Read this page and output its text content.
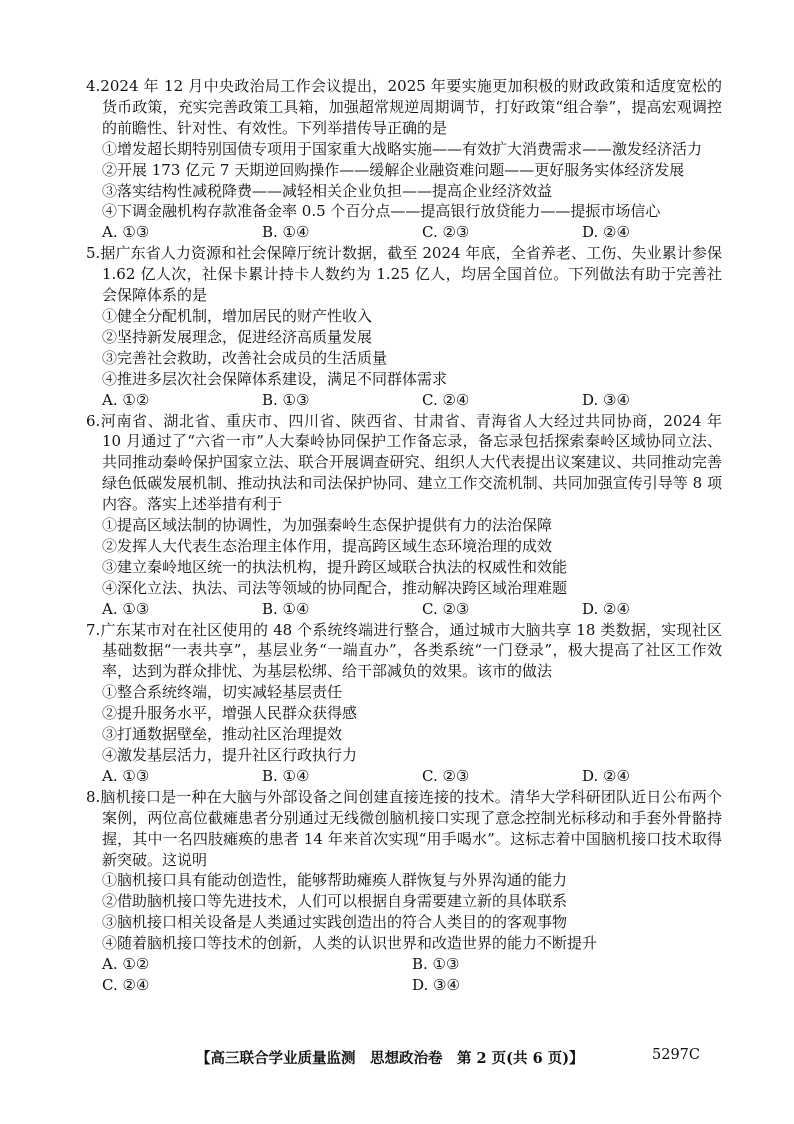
4.2024 年 12 月中央政治局工作会议提出，2025 年要实施更加积极的财政政策和适度宽松的货币政策，充实完善政策工具箱，加强超常规逆周期调节，打好政策“组合拳”，提高宏观调控的前瞻性、针对性、有效性。下列举措传导正确的是
①增发超长期特别国债专项用于国家重大战略实施——有效扩大消费需求——激发经济活力
②开展 173 亿元 7 天期逆回购操作——缓解企业融资难问题——更好服务实体经济发展
③落实结构性减税降费——减轻相关企业负担——提高企业经济效益
④下调金融机构存款准备金率 0.5 个百分点——提高银行放贷能力——提振市场信心
A. ①③	B. ①④	C. ②③	D. ②④
5.据广东省人力资源和社会保障厅统计数据，截至 2024 年底，全省养老、工伤、失业累计参保 1.62 亿人次，社保卡累计持卡人数约为 1.25 亿人，均居全国首位。下列做法有助于完善社会保障体系的是
①健全分配机制，增加居民的财产性收入
②坚持新发展理念，促进经济高质量发展
③完善社会救助，改善社会成员的生活质量
④推进多层次社会保障体系建设，满足不同群体需求
A. ①②	B. ①③	C. ②④	D. ③④
6.河南省、湖北省、重庆市、四川省、陕西省、甘肃省、青海省人大经过共同协商，2024 年 10 月通过了“六省一市”人大秦岭协同保护工作备忘录，备忘录包括探索秦岭区域协同立法、共同推动秦岭保护国家立法、联合开展调查研究、组织人大代表提出议案建议、共同推动完善绿色低碳发展机制、推动执法和司法保护协同、建立工作交流机制、共同加强宣传引导等 8 项内容。落实上述举措有利于
①提高区域法制的协调性，为加强秦岭生态保护提供有力的法治保障
②发挥人大代表生态治理主体作用，提高跨区域生态环境治理的成效
③建立秦岭地区统一的执法机构，提升跨区域联合执法的权威性和效能
④深化立法、执法、司法等领域的协同配合，推动解决跨区域治理难题
A. ①③	B. ①④	C. ②③	D. ②④
7.广东某市对在社区使用的 48 个系统终端进行整合，通过城市大脑共享 18 类数据，实现社区基础数据“一表共享”，基层业务“一端直办”，各类系统“一门登录”，极大提高了社区工作效率，达到为群众排忧、为基层松绑、给干部减负的效果。该市的做法
①整合系统终端，切实减轻基层责任
②提升服务水平，增强人民群众获得感
③打通数据壁垒，推动社区治理提效
④激发基层活力，提升社区行政执行力
A. ①③	B. ①④	C. ②③	D. ②④
8.脑机接口是一种在大脑与外部设备之间创建直接连接的技术。清华大学科研团队近日公布两个案例，两位高位截瘫患者分别通过无线微创脑机接口实现了意念控制光标移动和手套外骨骼持握，其中一名四肢瘫痪的患者 14 年来首次实现“用手喝水”。这标志着中国脑机接口技术取得新突破。这说明
①脑机接口具有能动创造性，能够帮助瘫痪人群恢复与外界沟通的能力
②借助脑机接口等先进技术，人们可以根据自身需要建立新的具体联系
③脑机接口相关设备是人类通过实践创造出的符合人类目的的客观事物
④随着脑机接口等技术的创新，人类的认识世界和改造世界的能力不断提升
A. ①②	B. ①③
C. ②④	D. ③④
【高三联合学业质量监测　思想政治卷　第 2 页(共 6 页)】	5297C
